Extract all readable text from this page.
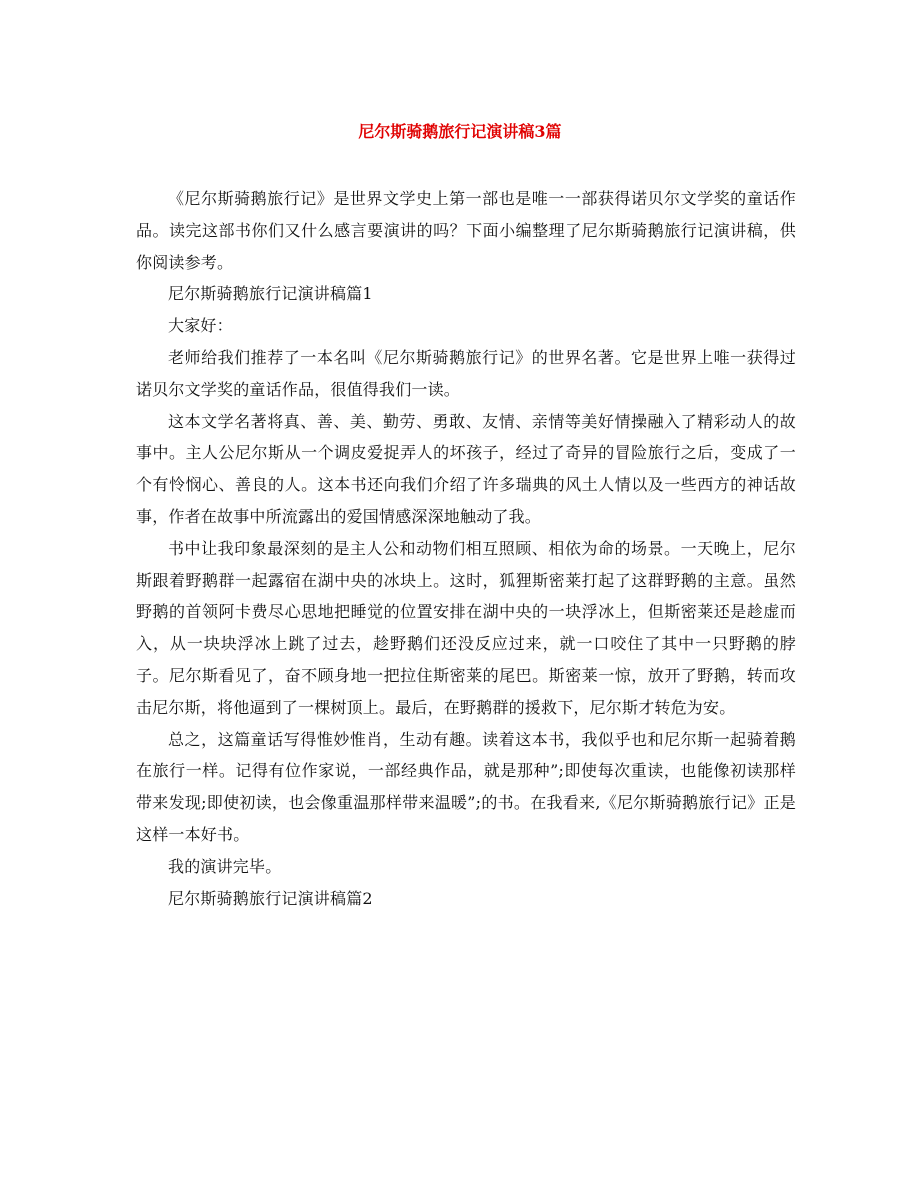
尼尔斯骑鹅旅行记演讲稿3篇

《尼尔斯骑鹅旅行记》是世界文学史上第一部也是唯一一部获得诺贝尔文学奖的童话作品。读完这部书你们又什么感言要演讲的吗？下面小编整理了尼尔斯骑鹅旅行记演讲稿，供你阅读参考。

尼尔斯骑鹅旅行记演讲稿篇1

大家好：

老师给我们推荐了一本名叫《尼尔斯骑鹅旅行记》的世界名著。它是世界上唯一获得过诺贝尔文学奖的童话作品，很值得我们一读。

这本文学名著将真、善、美、勤劳、勇敢、友情、亲情等美好情操融入了精彩动人的故事中。主人公尼尔斯从一个调皮爱捉弄人的坏孩子，经过了奇异的冒险旅行之后，变成了一个有怜悯心、善良的人。这本书还向我们介绍了许多瑞典的风土人情以及一些西方的神话故事，作者在故事中所流露出的爱国情感深深地触动了我。

书中让我印象最深刻的是主人公和动物们相互照顾、相依为命的场景。一天晚上，尼尔斯跟着野鹅群一起露宿在湖中央的冰块上。这时，狐狸斯密莱打起了这群野鹅的主意。虽然野鹅的首领阿卡费尽心思地把睡觉的位置安排在湖中央的一块浮冰上，但斯密莱还是趁虚而入，从一块块浮冰上跳了过去，趁野鹅们还没反应过来，就一口咬住了其中一只野鹅的脖子。尼尔斯看见了，奋不顾身地一把拉住斯密莱的尾巴。斯密莱一惊，放开了野鹅，转而攻击尼尔斯，将他逼到了一棵树顶上。最后，在野鹅群的援救下，尼尔斯才转危为安。

总之，这篇童话写得惟妙惟肖，生动有趣。读着这本书，我似乎也和尼尔斯一起骑着鹅在旅行一样。记得有位作家说，一部经典作品，就是那种”;即使每次重读，也能像初读那样带来发现;即使初读，也会像重温那样带来温暖”;的书。在我看来,《尼尔斯骑鹅旅行记》正是这样一本好书。

我的演讲完毕。

尼尔斯骑鹅旅行记演讲稿篇2
